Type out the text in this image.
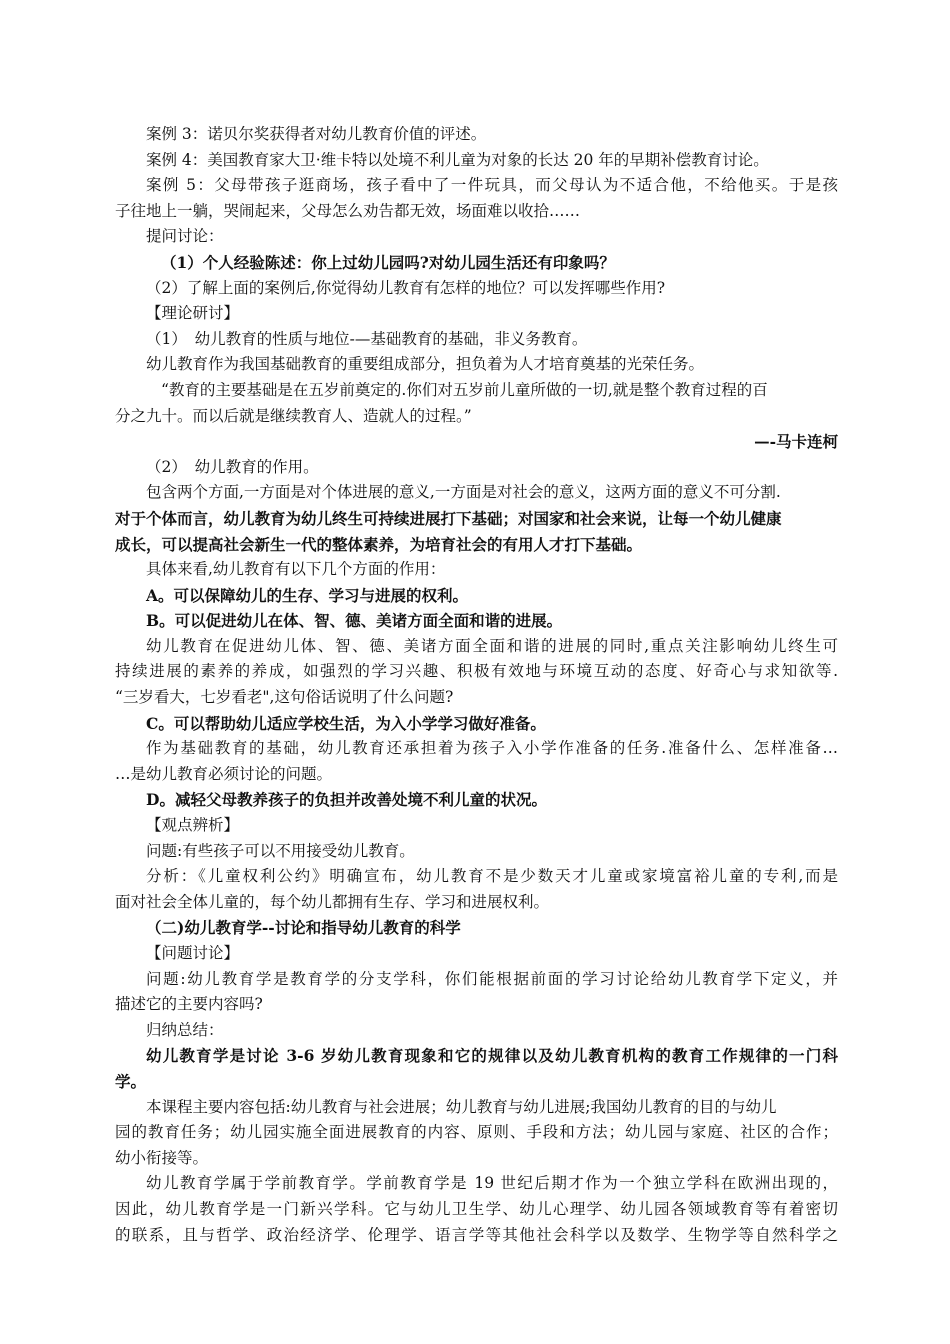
案例 3：诺贝尔奖获得者对幼儿教育价值的评述。
案例 4：美国教育家大卫·维卡特以处境不利儿童为对象的长达 20 年的早期补偿教育讨论。
案例 5：父母带孩子逛商场，孩子看中了一件玩具，而父母认为不适合他，不给他买。于是孩
子往地上一躺，哭闹起来，父母怎么劝告都无效，场面难以收拾……
提问讨论：
（1）个人经验陈述：你上过幼儿园吗?对幼儿园生活还有印象吗？
（2）了解上面的案例后,你觉得幼儿教育有怎样的地位？可以发挥哪些作用?
【理论研讨】
（1）　幼儿教育的性质与地位-—基础教育的基础，非义务教育。
幼儿教育作为我国基础教育的重要组成部分，担负着为人才培育奠基的光荣任务。
“教育的主要基础是在五岁前奠定的.你们对五岁前儿童所做的一切,就是整个教育过程的百
分之九十。而以后就是继续教育人、造就人的过程。”
—-马卡连柯
（2）　幼儿教育的作用。
包含两个方面,一方面是对个体进展的意义,一方面是对社会的意义，这两方面的意义不可分割.
对于个体而言，幼儿教育为幼儿终生可持续进展打下基础；对国家和社会来说，让每一个幼儿健康
成长，可以提高社会新生一代的整体素养，为培育社会的有用人才打下基础。
具体来看,幼儿教育有以下几个方面的作用：
A。可以保障幼儿的生存、学习与进展的权利。
B。可以促进幼儿在体、智、德、美诸方面全面和谐的进展。
幼儿教育在促进幼儿体、智、德、美诸方面全面和谐的进展的同时,重点关注影响幼儿终生可
持续进展的素养的养成，如强烈的学习兴趣、积极有效地与环境互动的态度、好奇心与求知欲等.
“三岁看大，七岁看老",这句俗话说明了什么问题?
C。可以帮助幼儿适应学校生活，为入小学学习做好准备。
作为基础教育的基础，幼儿教育还承担着为孩子入小学作准备的任务.准备什么、怎样准备…
…是幼儿教育必须讨论的问题。
D。减轻父母教养孩子的负担并改善处境不利儿童的状况。
【观点辨析】
问题:有些孩子可以不用接受幼儿教育。
分析：《儿童权利公约》明确宣布，幼儿教育不是少数天才儿童或家境富裕儿童的专利,而是
面对社会全体儿童的，每个幼儿都拥有生存、学习和进展权利。
（二)幼儿教育学--讨论和指导幼儿教育的科学
【问题讨论】
问题:幼儿教育学是教育学的分支学科，你们能根据前面的学习讨论给幼儿教育学下定义，并
描述它的主要内容吗?
归纳总结：
幼儿教育学是讨论 3-6 岁幼儿教育现象和它的规律以及幼儿教育机构的教育工作规律的一门科
学。
本课程主要内容包括:幼儿教育与社会进展；幼儿教育与幼儿进展;我国幼儿教育的目的与幼儿
园的教育任务；幼儿园实施全面进展教育的内容、原则、手段和方法；幼儿园与家庭、社区的合作；
幼小衔接等。
幼儿教育学属于学前教育学。学前教育学是 19 世纪后期才作为一个独立学科在欧洲出现的，
因此，幼儿教育学是一门新兴学科。它与幼儿卫生学、幼儿心理学、幼儿园各领域教育等有着密切
的联系，且与哲学、政治经济学、伦理学、语言学等其他社会科学以及数学、生物学等自然科学之
